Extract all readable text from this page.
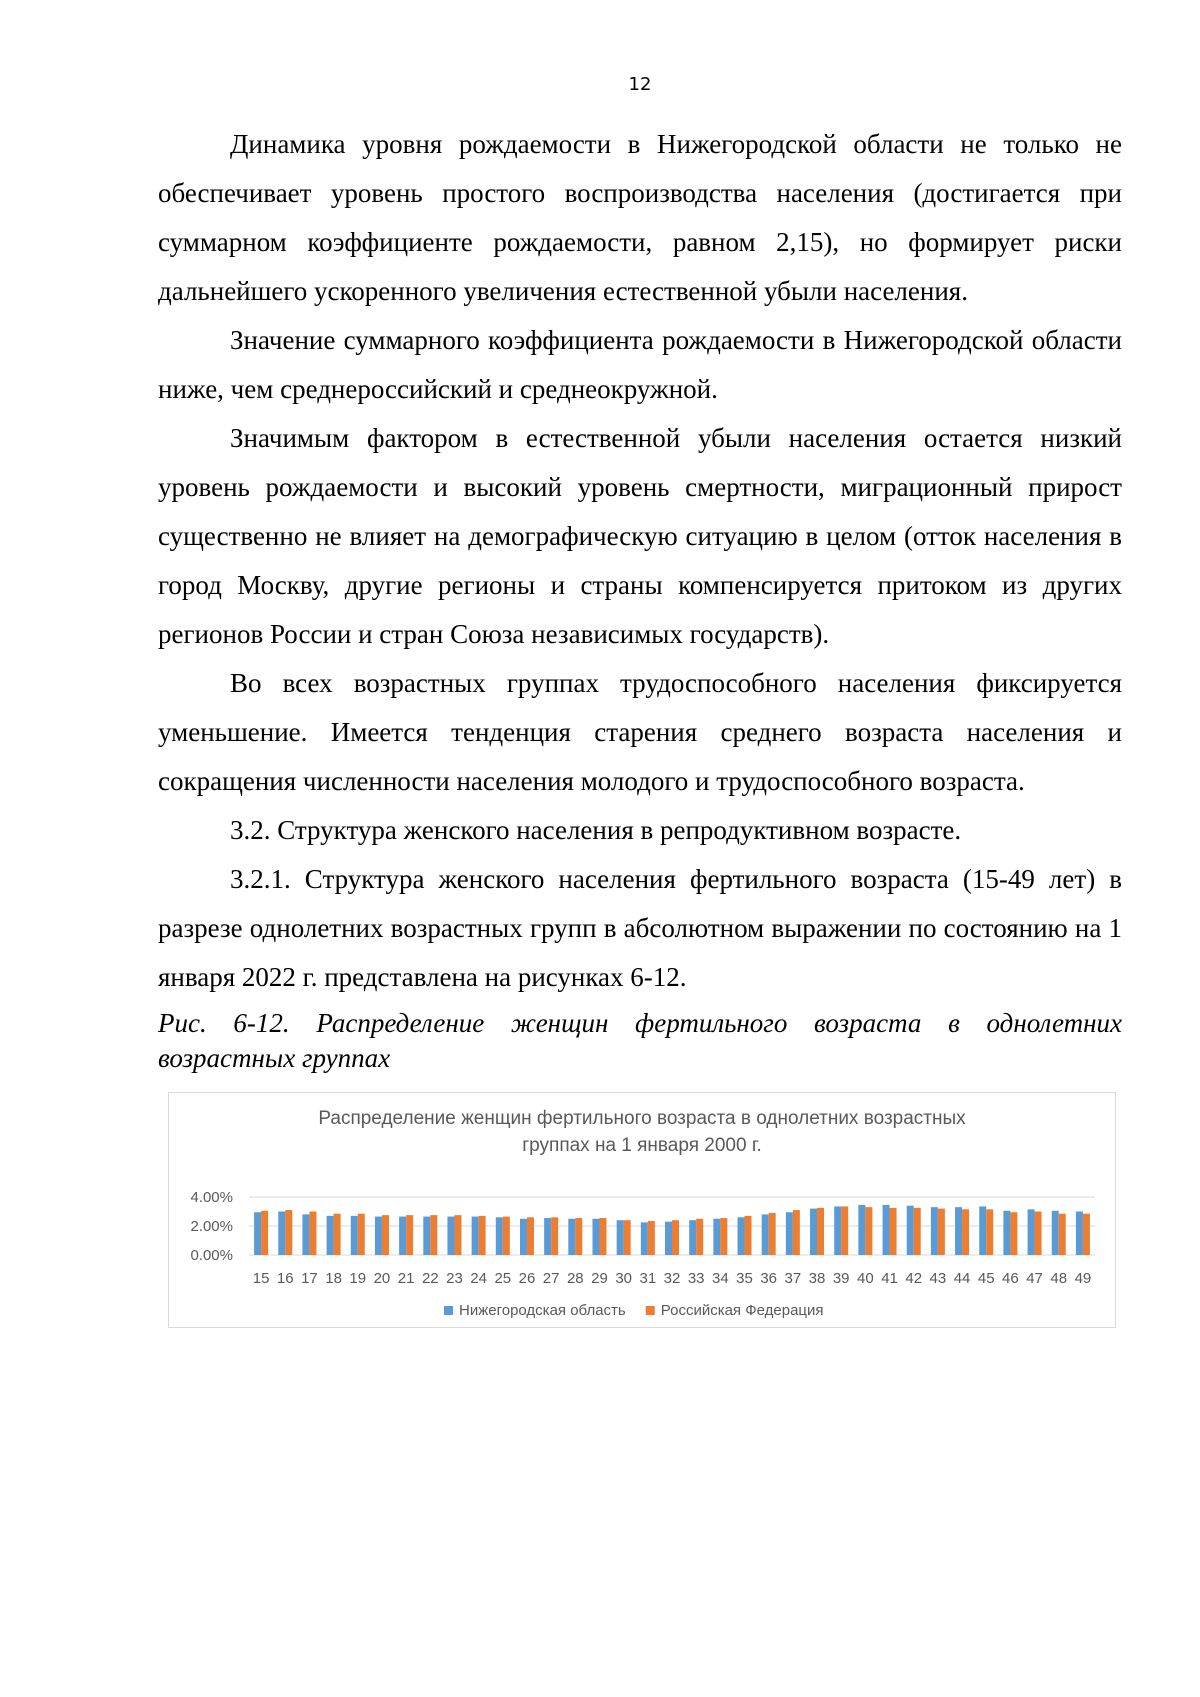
12

Динамика уровня рождаемости в Нижегородской области не только не обеспечивает уровень простого воспроизводства населения (достигается при суммарном коэффициенте рождаемости, равном 2,15), но формирует риски дальнейшего ускоренного увеличения естественной убыли населения.

Значение суммарного коэффициента рождаемости в Нижегородской области ниже, чем среднероссийский и среднеокружной.

Значимым фактором в естественной убыли населения остается низкий уровень рождаемости и высокий уровень смертности, миграционный прирост существенно не влияет на демографическую ситуацию в целом (отток населения в город Москву, другие регионы и страны компенсируется притоком из других регионов России и стран Союза независимых государств).

Во всех возрастных группах трудоспособного населения фиксируется уменьшение. Имеется тенденция старения среднего возраста населения и сокращения численности населения молодого и трудоспособного возраста.

3.2. Структура женского населения в репродуктивном возрасте.

3.2.1. Структура женского населения фертильного возраста (15-49 лет) в разрезе однолетних возрастных групп в абсолютном выражении по состоянию на 1 января 2022 г. представлена на рисунках 6-12.

Рис. 6-12. Распределение женщин фертильного возраста в однолетних возрастных группах
Распределение женщин фертильного возраста в однолетних возрастных
группах на 1 января 2000 г.
4.00%
2.00%
0.00%
15 16 17 18 19 20 21 22 23 24 25 26 27 28 29 30 31 32 33 34 35 36 37 38 39 40 41 42 43 44 45 46 47 48 49
Нижегородская область Российская Федерация
